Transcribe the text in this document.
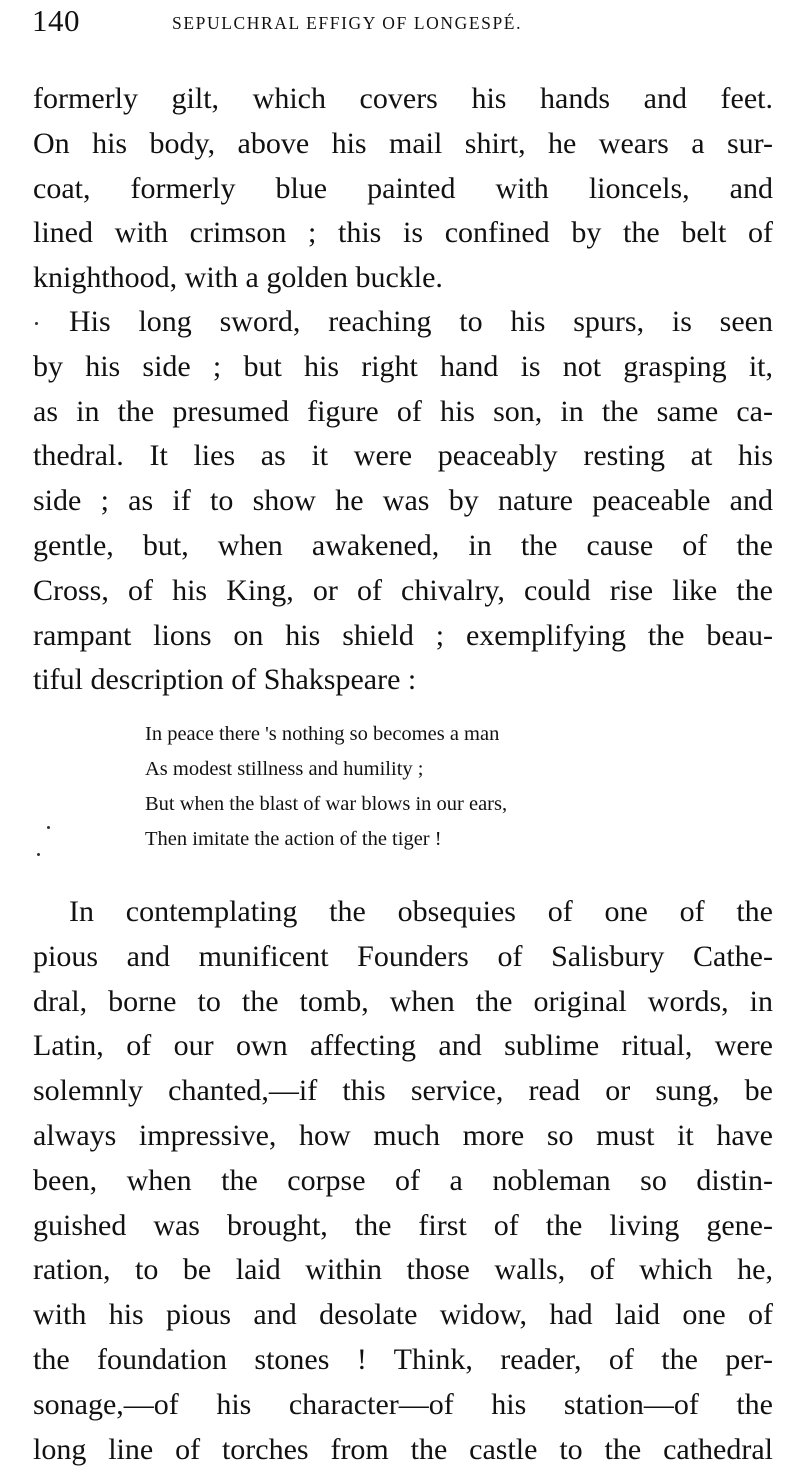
140	SEPULCHRAL EFFIGY OF LONGESPÉ.
formerly gilt, which covers his hands and feet.
On his body, above his mail shirt, he wears a sur-
coat, formerly blue painted with lioncels, and
lined with crimson ; this is confined by the belt of
knighthood, with a golden buckle.
His long sword, reaching to his spurs, is seen
by his side ; but his right hand is not grasping it,
as in the presumed figure of his son, in the same ca-
thedral. It lies as it were peaceably resting at his
side ; as if to show he was by nature peaceable and
gentle, but, when awakened, in the cause of the
Cross, of his King, or of chivalry, could rise like the
rampant lions on his shield ; exemplifying the beau-
tiful description of Shakspeare :
In peace there 's nothing so becomes a man
As modest stillness and humility ;
But when the blast of war blows in our ears,
Then imitate the action of the tiger !
In contemplating the obsequies of one of the
pious and munificent Founders of Salisbury Cathe-
dral, borne to the tomb, when the original words, in
Latin, of our own affecting and sublime ritual, were
solemnly chanted,—if this service, read or sung, be
always impressive, how much more so must it have
been, when the corpse of a nobleman so distin-
guished was brought, the first of the living gene-
ration, to be laid within those walls, of which he,
with his pious and desolate widow, had laid one of
the foundation stones ! Think, reader, of the per-
sonage,—of his character—of his station—of the
long line of torches from the castle to the cathedral
